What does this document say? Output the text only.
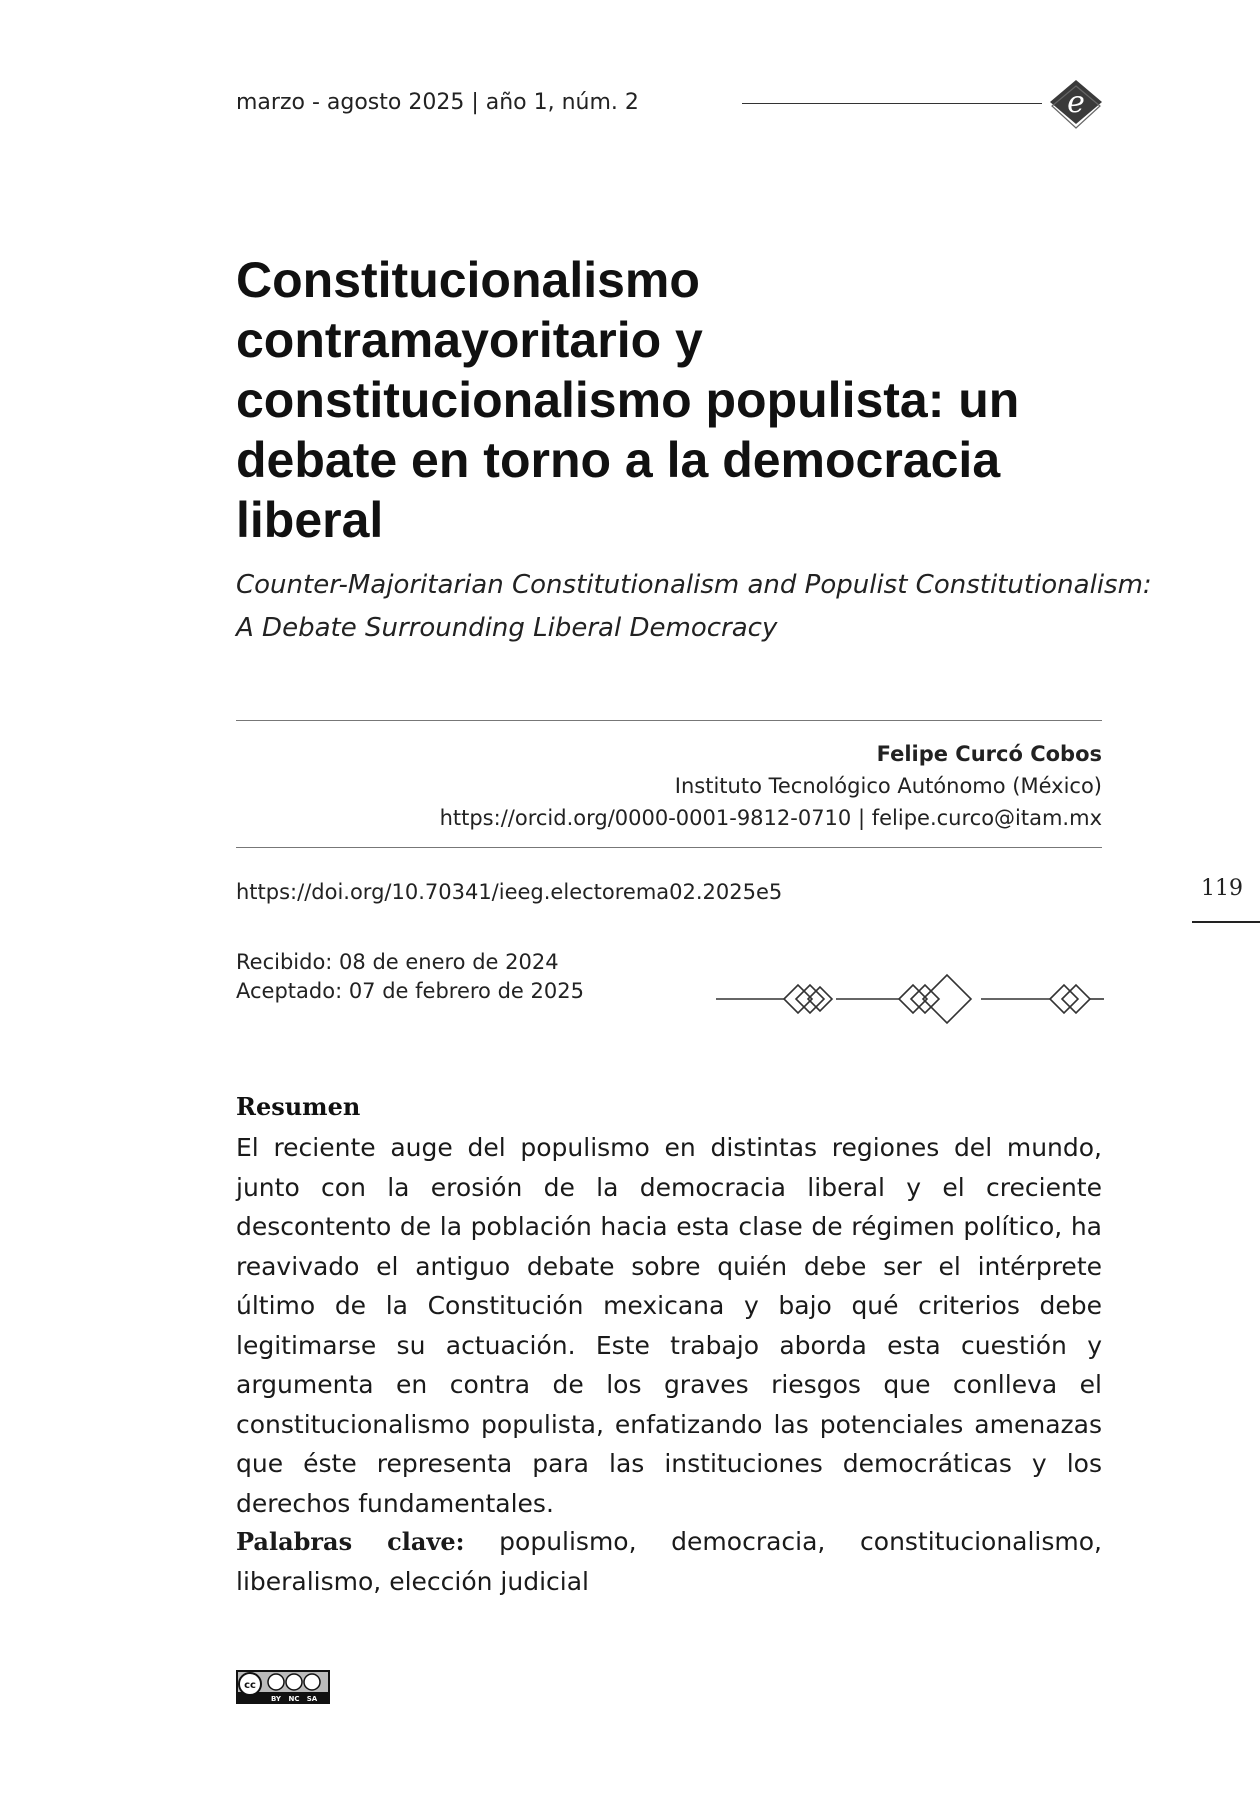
marzo - agosto 2025 | año 1, núm. 2	e
Constitucionalismo contramayoritario y constitucionalismo populista: un debate en torno a la democracia liberal
Counter-Majoritarian Constitutionalism and Populist Constitutionalism: A Debate Surrounding Liberal Democracy
Felipe Curcó Cobos
Instituto Tecnológico Autónomo (México)
https://orcid.org/0000-0001-9812-0710 | felipe.curco@itam.mx
https://doi.org/10.70341/ieeg.electorema02.2025e5	119
Recibido: 08 de enero de 2024
Aceptado: 07 de febrero de 2025
Resumen

El reciente auge del populismo en distintas regiones del mundo, junto con la erosión de la democracia liberal y el creciente descontento de la población hacia esta clase de régimen político, ha reavivado el antiguo debate sobre quién debe ser el intérprete último de la Constitución mexicana y bajo qué criterios debe legitimarse su actuación. Este trabajo aborda esta cuestión y argumenta en contra de los graves riesgos que conlleva el constitucionalismo populista, enfatizando las potenciales amenazas que éste representa para las instituciones democráticas y los derechos fundamentales.

Palabras clave: populismo, democracia, constitucionalismo, liberalismo, elección judicial

cc
BY NC SA
